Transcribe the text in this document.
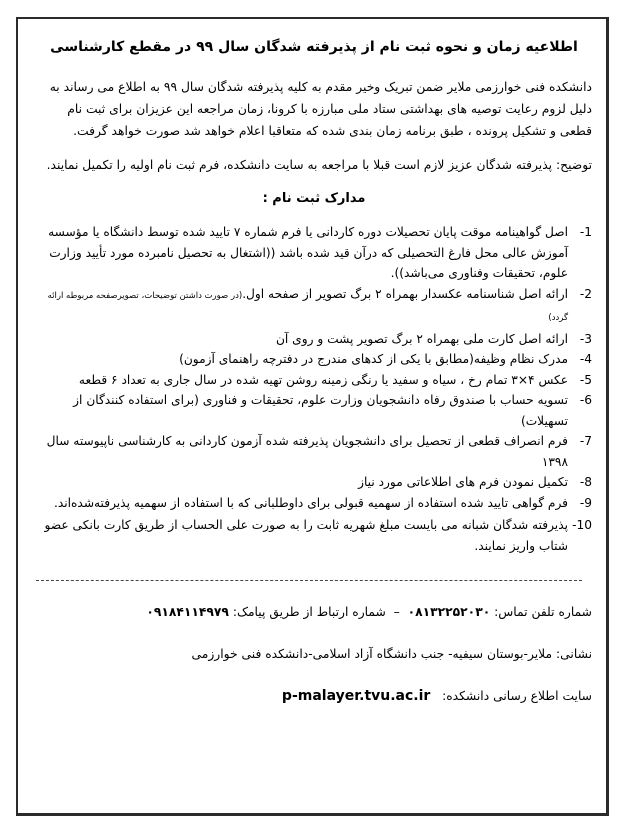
اطلاعیه زمان و نحوه ثبت نام از پذیرفته شدگان سال ۹۹ در مقطع کارشناسی
دانشکده فنی خوارزمی ملایر ضمن تبریک وخیر مقدم به کلیه پذیرفته شدگان سال ۹۹ به اطلاع می رساند به دلیل لزوم رعایت توصیه های بهداشتی ستاد ملی مبارزه با کرونا، زمان مراجعه این عزیزان برای ثبت نام قطعی و تشکیل پرونده ، طبق برنامه زمان بندی شده که متعاقبا اعلام خواهد شد صورت خواهد گرفت.
توضیح: پذیرفته شدگان عزیز لازم است قبلا با مراجعه به سایت دانشکده، فرم ثبت نام اولیه را تکمیل نمایند.
مدارک ثبت نام :
-1
اصل گواهینامه موقت پایان تحصیلات دوره کاردانی یا فرم شماره ۷ تایید شده توسط دانشگاه یا مؤسسه آموزش عالی محل فارغ التحصیلی که درآن قید شده باشد ((اشتغال به تحصیل نامبرده مورد تأیید وزارت علوم، تحقیقات وفناوری می‌باشد)).
-2
ارائه اصل شناسنامه عکسدار بهمراه ۲ برگ تصویر از صفحه اول.(در صورت داشتن توضیحات، تصویرصفحه مربوطه ارائه گردد)
-3
ارائه اصل کارت ملی بهمراه ۲ برگ تصویر پشت و روی آن
-4
مدرک نظام وظیفه(مطابق با یکی از کدهای مندرج در دفترچه راهنمای آزمون)
-5
عکس ۴×۳ تمام رخ ، سیاه و سفید یا رنگی زمینه روشن تهیه شده در سال جاری به تعداد ۶ قطعه
-6
تسویه حساب با صندوق رفاه دانشجویان وزارت علوم، تحقیقات و فناوری (برای استفاده کنندگان از تسهیلات)
-7
فرم انصراف قطعی از تحصیل برای دانشجویان پذیرفته شده آزمون کاردانی به کارشناسی ناپیوسته سال ۱۳۹۸
-8
تکمیل نمودن فرم های اطلاعاتی مورد نیاز
-9
فرم گواهی تایید شده استفاده از سهمیه قبولی برای داوطلبانی که با استفاده از سهمیه پذیرفته‌شده‌اند.
-10
پذیرفته شدگان شبانه می بایست مبلغ شهریه ثابت را به صورت علی الحساب از طریق کارت بانکی عضو شتاب واریز نمایند.
شماره تلفن تماس: ۰۸۱۳۲۲۵۲۰۳۰  –  شماره ارتباط از طریق پیامک: ۰۹۱۸۴۱۱۴۹۷۹
نشانی: ملایر-بوستان سیفیه- جنب دانشگاه آزاد اسلامی-دانشکده فنی خوارزمی
سایت اطلاع رسانی دانشکده:   p-malayer.tvu.ac.ir
